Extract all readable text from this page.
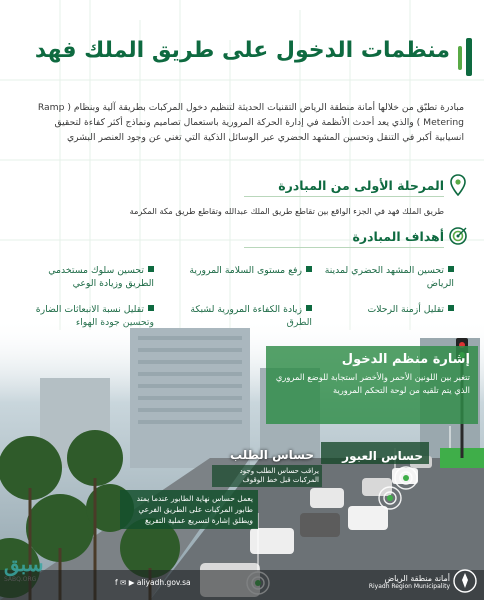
منظمات الدخول على طريق الملك فهد

مبادرة تطبّق من خلالها أمانة منطقة الرياض التقنيات الحديثة لتنظيم دخول المركبات بطريقة آلية وبنظام ( Ramp Metering ) والذي يعد أحدث الأنظمة في إدارة الحركة المرورية باستعمال تصاميم ونماذج أكثر كفاءة لتحقيق انسيابية أكبر في التنقل وتحسين المشهد الحضري عبر الوسائل الذكية التي تغني عن وجود العنصر البشري

المرحلة الأولى من المبادرة

طريق الملك فهد في الجزء الواقع بين تقاطع طريق الملك عبدالله وتقاطع طريق مكة المكرمة

أهداف المبادرة
تحسين المشهد الحضري لمدينة الرياض
رفع مستوى السلامة المرورية
تحسين سلوك مستخدمي الطريق وزيادة الوعي
تقليل أزمنة الرحلات
زيادة الكفاءة المرورية لشبكة
تقليل نسبة الانبعاثات الضارة
إشارة منظم الدخول
تتغير بين اللونين الأحمر والأخضر استجابة للوضع المروري الذي يتم تلقيه من لوحة التحكم المرورية
حساس العبور
حساس الطلب
يراقب حساس الطلب وجود المركبات قبل خط الوقوف
يعمل حساس نهاية الطابور عندما يمتد طابور المركبات على الطريق الفرعي ويطلق إشارة لتسريع عملية التفريغ
أمانة منطقة الرياض
Riyadh Region Municipality
f ✉ ▶ aliyadh.gov.sa
سبق
SABQ.ORG
